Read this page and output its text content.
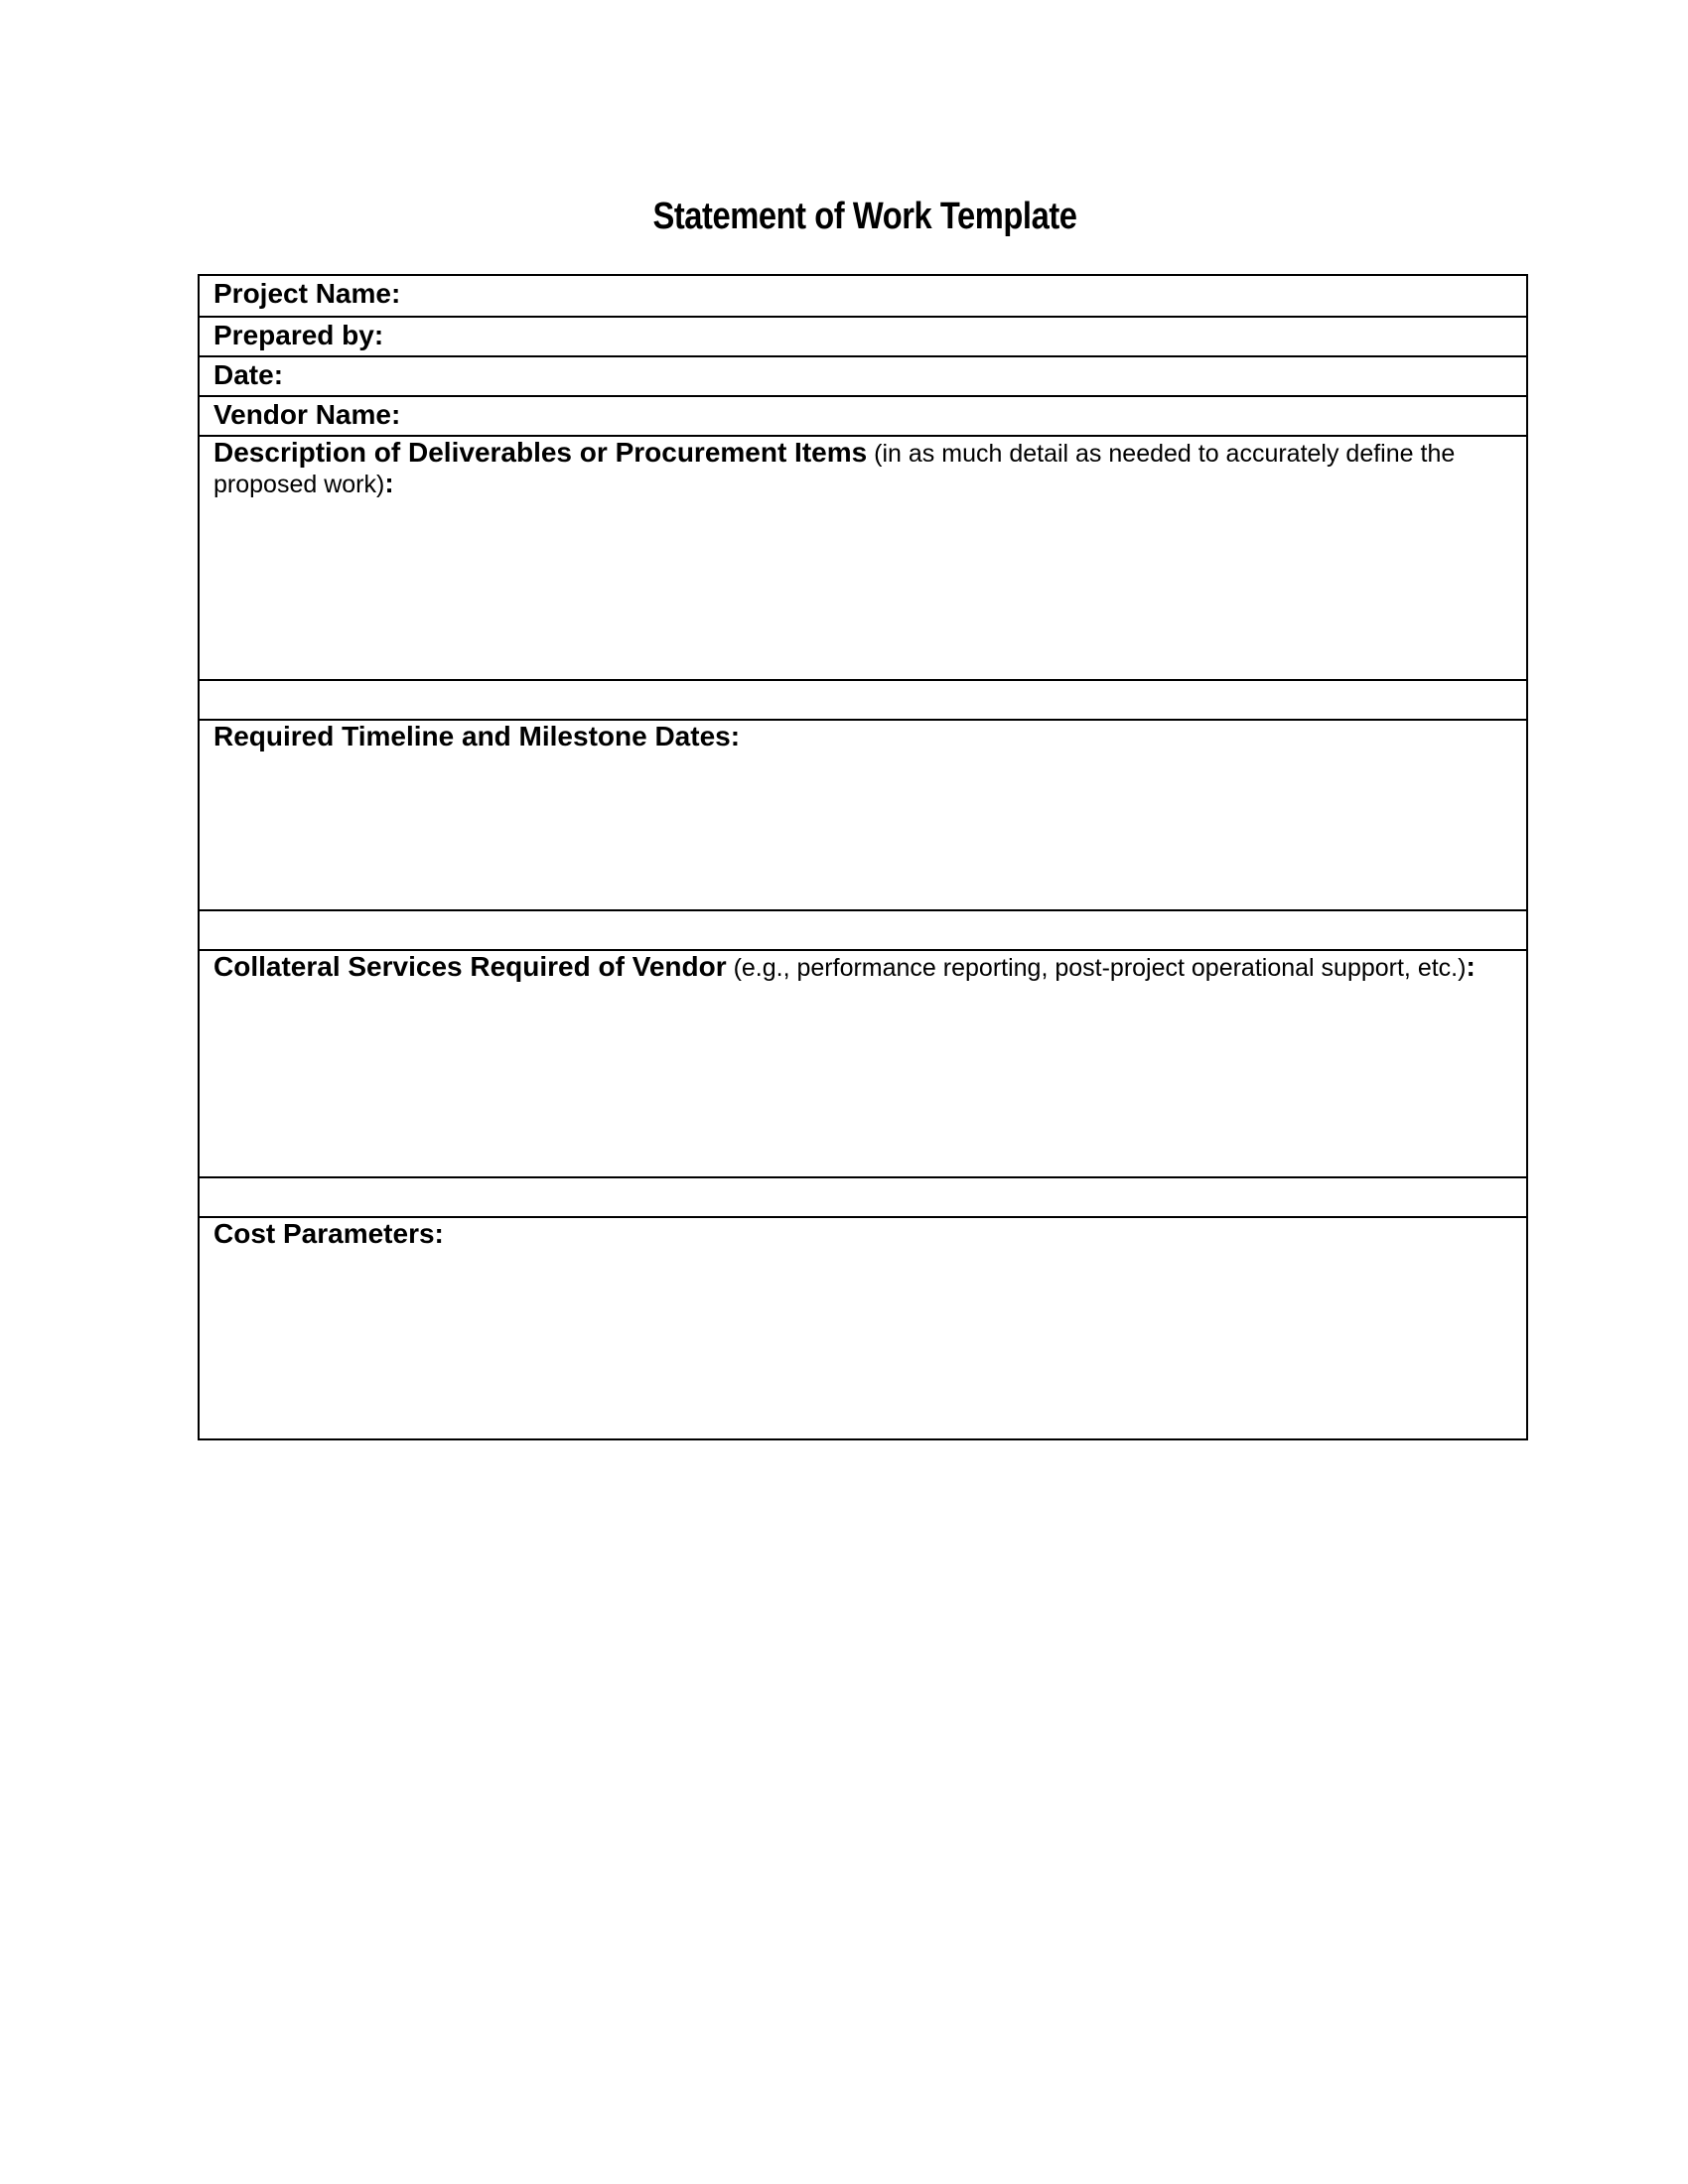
Statement of Work Template
Project Name:
Prepared by:
Date:
Vendor Name:
Description of Deliverables or Procurement Items (in as much detail as needed to accurately define the proposed work):
Required Timeline and Milestone Dates:
Collateral Services Required of Vendor (e.g., performance reporting, post-project operational support, etc.):
Cost Parameters:
